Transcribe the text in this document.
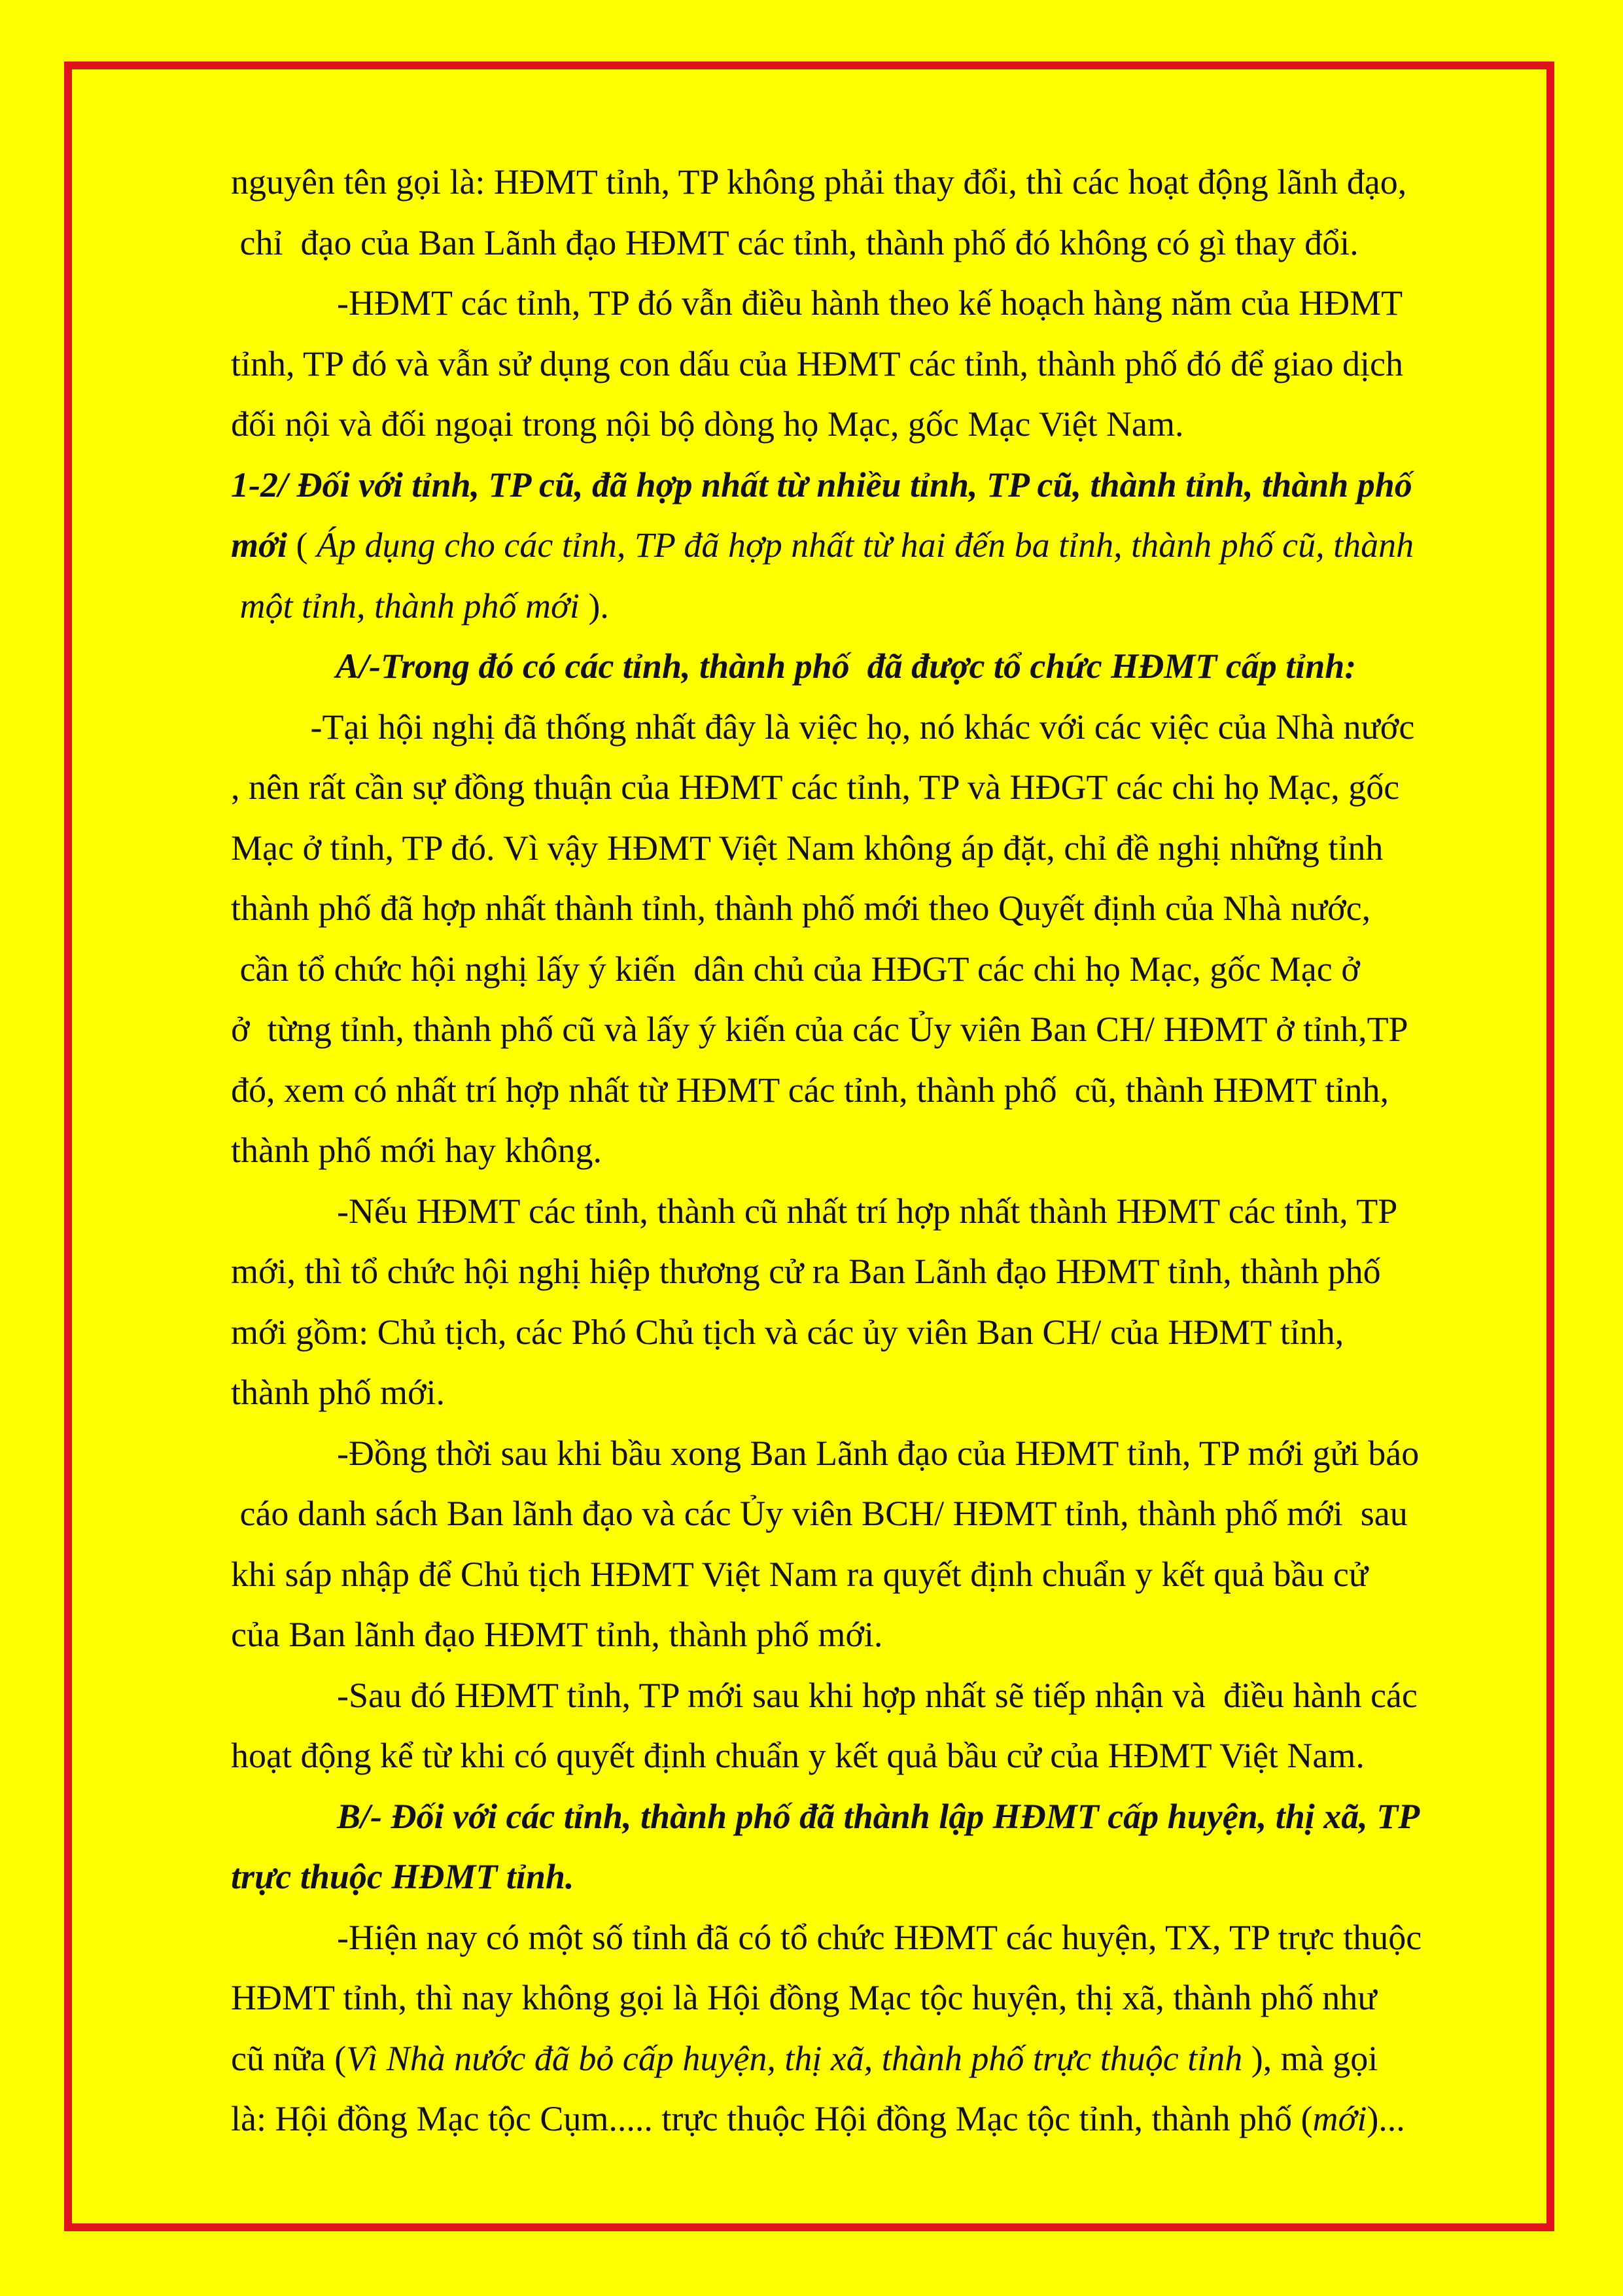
nguyên tên gọi là: HĐMT tỉnh, TP không phải thay đổi, thì các hoạt động lãnh đạo,
chỉ  đạo của Ban Lãnh đạo HĐMT các tỉnh, thành phố đó không có gì thay đổi.
-HĐMT các tỉnh, TP đó vẫn điều hành theo kế hoạch hàng năm của HĐMT
tỉnh, TP đó và vẫn sử dụng con dấu của HĐMT các tỉnh, thành phố đó để giao dịch
đối nội và đối ngoại trong nội bộ dòng họ Mạc, gốc Mạc Việt Nam.
1-2/ Đối với tỉnh, TP cũ, đã hợp nhất từ nhiều tỉnh, TP cũ, thành tỉnh, thành phố
mới ( Áp dụng cho các tỉnh, TP đã hợp nhất từ hai đến ba tỉnh, thành phố cũ, thành
một tỉnh, thành phố mới ).
A/-Trong đó có các tỉnh, thành phố  đã được tổ chức HĐMT cấp tỉnh:
-Tại hội nghị đã thống nhất đây là việc họ, nó khác với các việc của Nhà nước
, nên rất cần sự đồng thuận của HĐMT các tỉnh, TP và HĐGT các chi họ Mạc, gốc
Mạc ở tỉnh, TP đó. Vì vậy HĐMT Việt Nam không áp đặt, chỉ đề nghị những tỉnh
thành phố đã hợp nhất thành tỉnh, thành phố mới theo Quyết định của Nhà nước,
cần tổ chức hội nghị lấy ý kiến  dân chủ của HĐGT các chi họ Mạc, gốc Mạc ở
ở  từng tỉnh, thành phố cũ và lấy ý kiến của các Ủy viên Ban CH/ HĐMT ở tỉnh,TP
đó, xem có nhất trí hợp nhất từ HĐMT các tỉnh, thành phố  cũ, thành HĐMT tỉnh,
thành phố mới hay không.
-Nếu HĐMT các tỉnh, thành cũ nhất trí hợp nhất thành HĐMT các tỉnh, TP
mới, thì tổ chức hội nghị hiệp thương cử ra Ban Lãnh đạo HĐMT tỉnh, thành phố
mới gồm: Chủ tịch, các Phó Chủ tịch và các ủy viên Ban CH/ của HĐMT tỉnh,
thành phố mới.
-Đồng thời sau khi bầu xong Ban Lãnh đạo của HĐMT tỉnh, TP mới gửi báo
cáo danh sách Ban lãnh đạo và các Ủy viên BCH/ HĐMT tỉnh, thành phố mới  sau
khi sáp nhập để Chủ tịch HĐMT Việt Nam ra quyết định chuẩn y kết quả bầu cử
của Ban lãnh đạo HĐMT tỉnh, thành phố mới.
-Sau đó HĐMT tỉnh, TP mới sau khi hợp nhất sẽ tiếp nhận và  điều hành các
hoạt động kể từ khi có quyết định chuẩn y kết quả bầu cử của HĐMT Việt Nam.
B/- Đối với các tỉnh, thành phố đã thành lập HĐMT cấp huyện, thị xã, TP
trực thuộc HĐMT tỉnh.
-Hiện nay có một số tỉnh đã có tổ chức HĐMT các huyện, TX, TP trực thuộc
HĐMT tỉnh, thì nay không gọi là Hội đồng Mạc tộc huyện, thị xã, thành phố như
cũ nữa (Vì Nhà nước đã bỏ cấp huyện, thị xã, thành phố trực thuộc tỉnh ), mà gọi
là: Hội đồng Mạc tộc Cụm..... trực thuộc Hội đồng Mạc tộc tỉnh, thành phố (mới)...
